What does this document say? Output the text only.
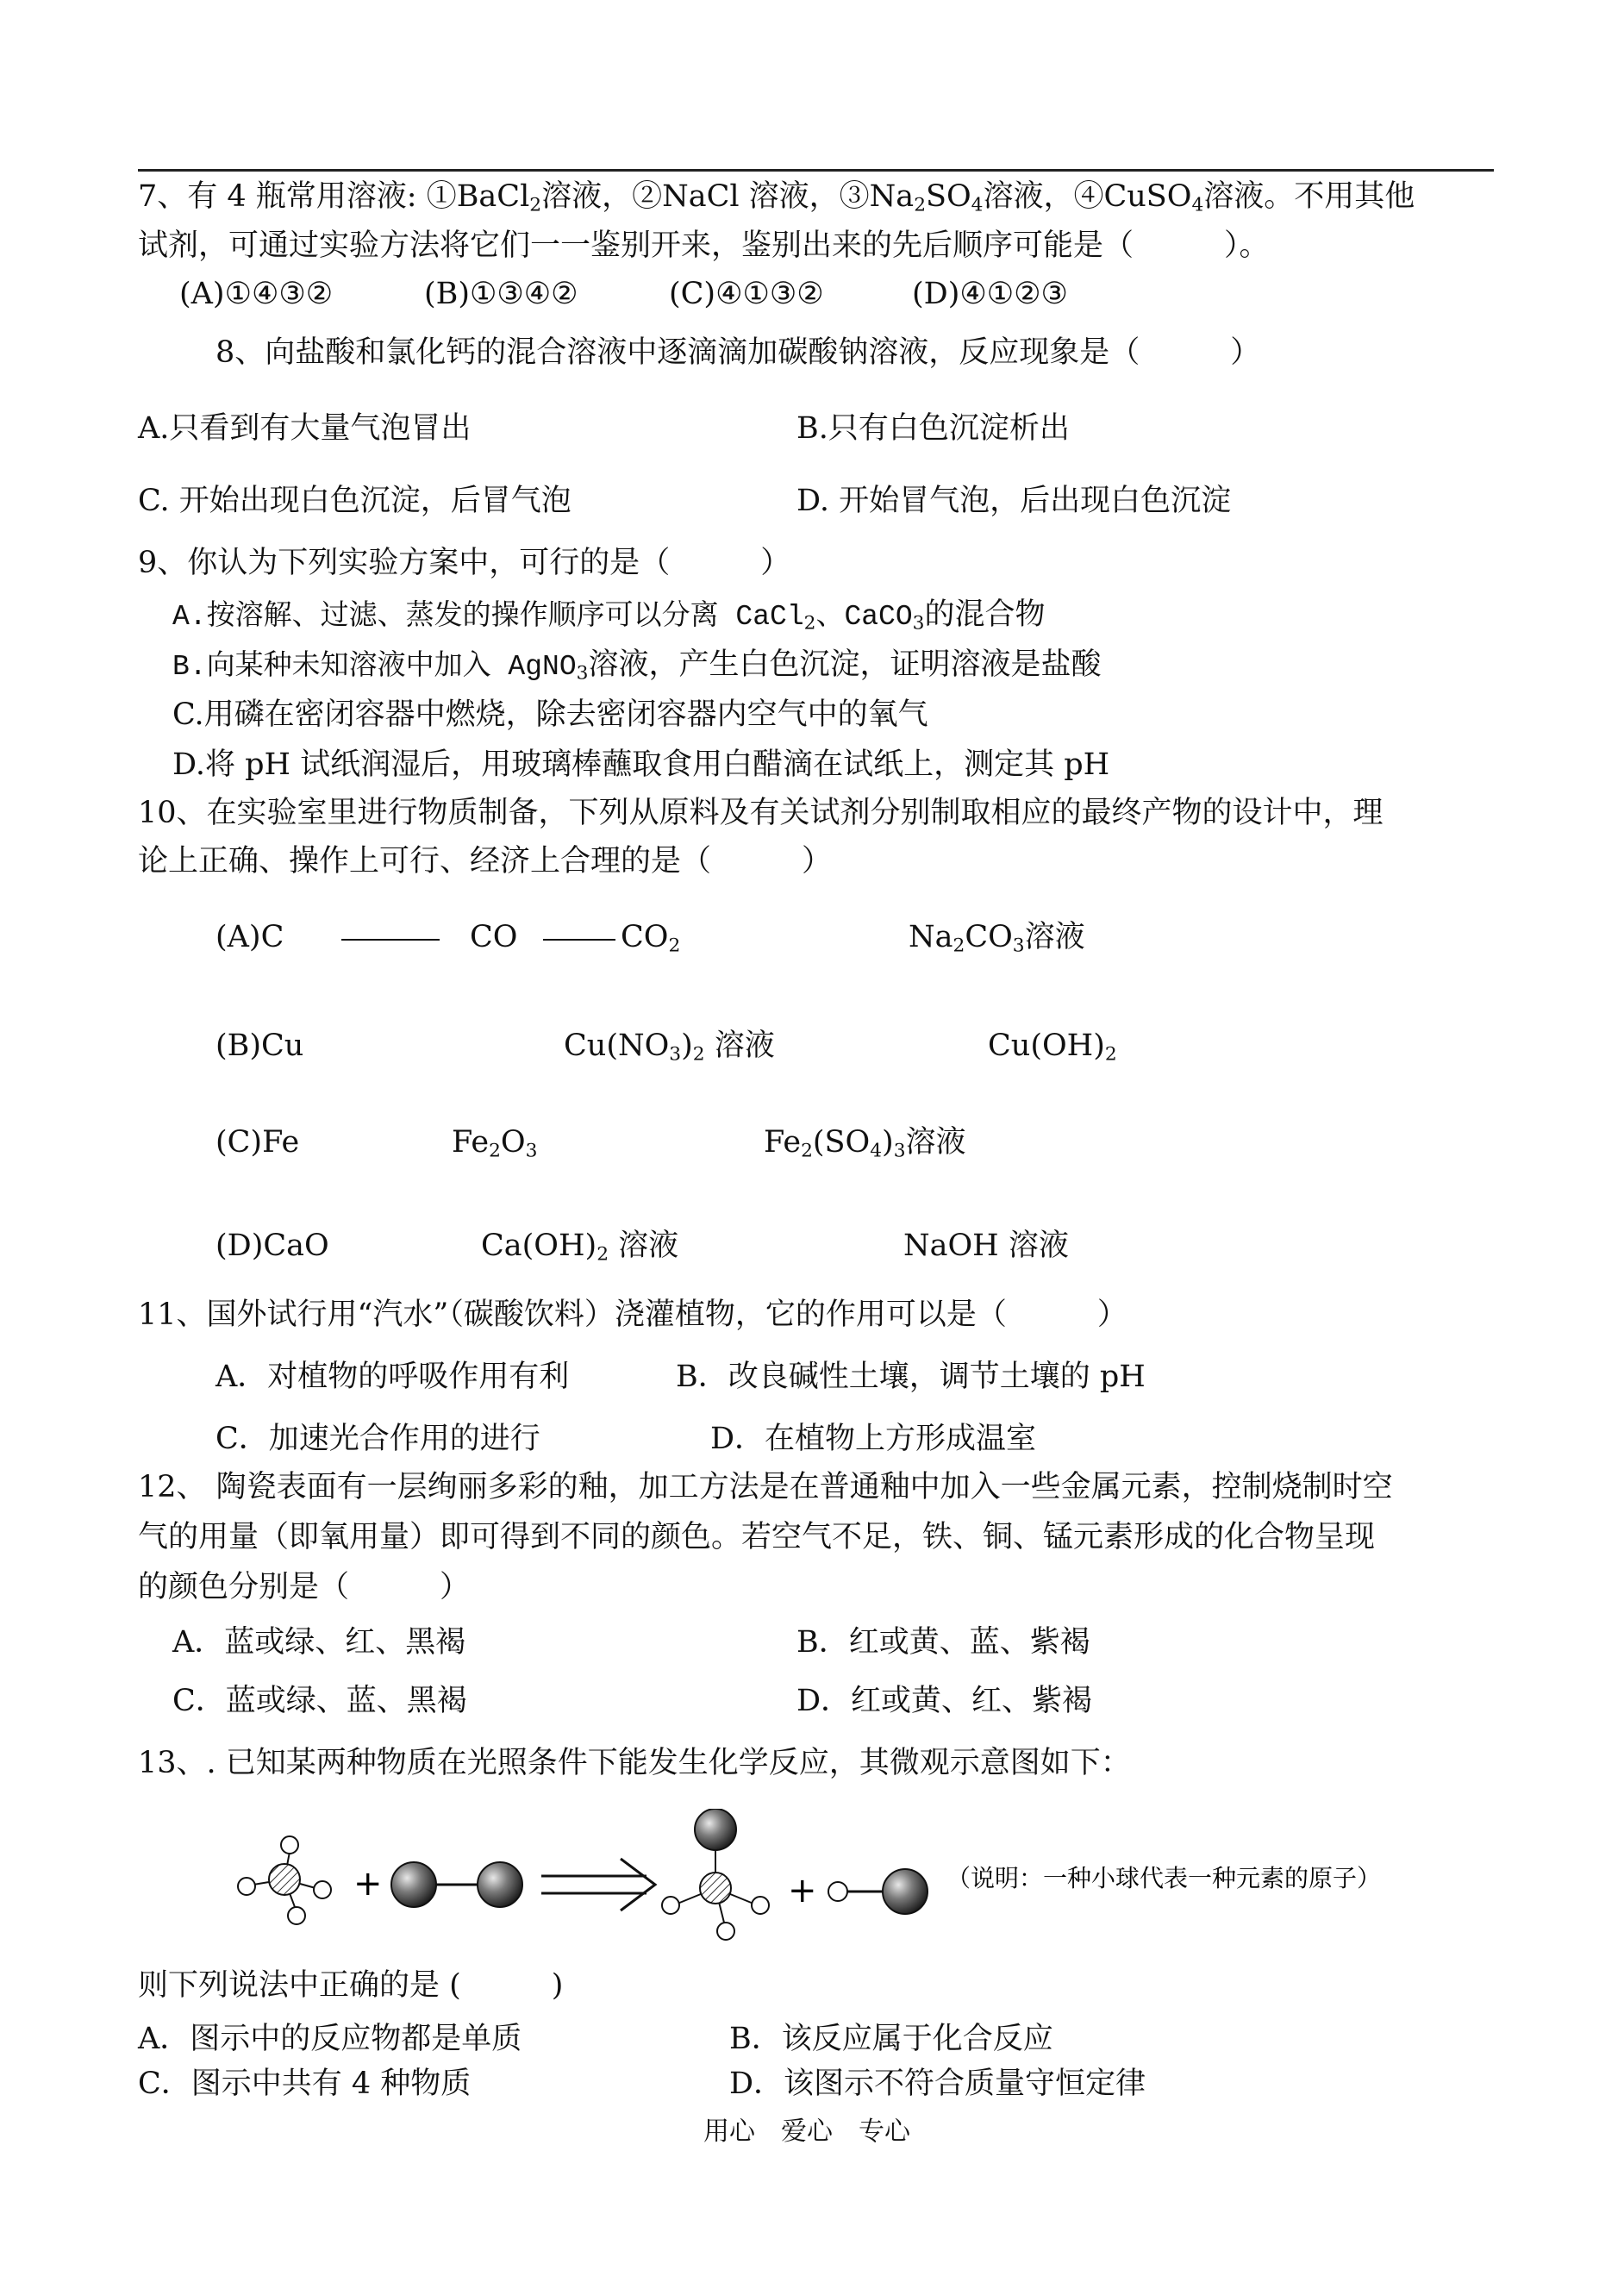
7、有 4 瓶常用溶液: ①BaCl$_2$溶液，②NaCl 溶液，$③Na_2SO_4$溶液，④CuSO$_4$溶液。不用其他
试剂，可通过实验方法将它们一一鉴别开来，鉴别出来的先后顺序可能是（　　　）。
(A)①④③②	(B)①③④②	(C)④①③②	(D)④①②③
8、向盐酸和氯化钙的混合溶液中逐滴滴加碳酸钠溶液，反应现象是（　　　）
A.只看到有大量气泡冒出	B.只有白色沉淀析出
C. 开始出现白色沉淀，后冒气泡	D. 开始冒气泡，后出现白色沉淀
9、你认为下列实验方案中，可行的是（　　　）
A.按溶解、过滤、蒸发的操作顺序可以分离 CaCl$_2$、CaCO$_3$的混合物
B.向某种未知溶液中加入 AgNO$_3$溶液，产生白色沉淀，证明溶液是盐酸
C.用磷在密闭容器中燃烧，除去密闭容器内空气中的氧气
D.将 pH 试纸润湿后，用玻璃棒蘸取食用白醋滴在试纸上，测定其 pH
10、在实验室里进行物质制备，下列从原料及有关试剂分别制取相应的最终产物的设计中，理
论上正确、操作上可行、经济上合理的是（　　　）
(A)C	CO	$CO_2$	$Na_2CO_3$溶液
(B)Cu	$Cu(NO_3)_2$ 溶液	$Cu(OH)_2$
(C)Fe	$Fe_2O_3$	$Fe_2(SO_4)_3$溶液
(D)CaO	$Ca(OH)_2$ 溶液	NaOH 溶液
11、国外试行用“汽水”（碳酸饮料）浇灌植物，它的作用可以是（　　　）
A．对植物的呼吸作用有利	B．改良碱性土壤，调节土壤的 pH
C．加速光合作用的进行	D．在植物上方形成温室
12、 陶瓷表面有一层绚丽多彩的釉，加工方法是在普通釉中加入一些金属元素，控制烧制时空
气的用量（即氧用量）即可得到不同的颜色。若空气不足，铁、铜、锰元素形成的化合物呈现
的颜色分别是（　　　）
A．蓝或绿、红、黑褐	B．红或黄、蓝、紫褐
C．蓝或绿、蓝、黑褐	D．红或黄、红、紫褐
13、. 已知某两种物质在光照条件下能发生化学反应，其微观示意图如下：
+	+	（说明：一种小球代表一种元素的原子）
则下列说法中正确的是 (　　　)
A．图示中的反应物都是单质	B．该反应属于化合反应
C．图示中共有 4 种物质	D．该图示不符合质量守恒定律
用心　爱心　专心
